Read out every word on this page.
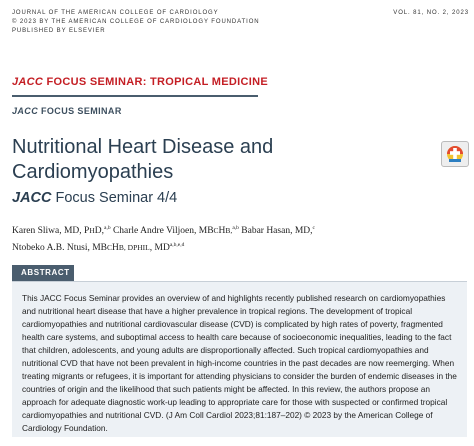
JOURNAL OF THE AMERICAN COLLEGE OF CARDIOLOGY
© 2023 BY THE AMERICAN COLLEGE OF CARDIOLOGY FOUNDATION
PUBLISHED BY ELSEVIER
VOL. 81, NO. 2, 2023
JACC FOCUS SEMINAR: TROPICAL MEDICINE
JACC FOCUS SEMINAR
Nutritional Heart Disease and Cardiomyopathies
JACC Focus Seminar 4/4
Karen Sliwa, MD, PHD,$^{a,b}$ Charle Andre Viljoen, MBCHB,$^{a,b}$ Babar Hasan, MD,$^c$
Ntobeko A.B. Ntusi, MBCHB, DPHIL, MD$^{a,b,e,d}$
ABSTRACT

This JACC Focus Seminar provides an overview of and highlights recently published research on cardiomyopathies and nutritional heart disease that have a higher prevalence in tropical regions. The development of tropical cardiomyopathies and nutritional cardiovascular disease (CVD) is complicated by high rates of poverty, fragmented health care systems, and suboptimal access to health care because of socioeconomic inequalities, leading to the fact that children, adolescents, and young adults are disproportionally affected. Such tropical cardiomyopathies and nutritional CVD that have not been prevalent in high-income countries in the past decades are now reemerging. When treating migrants or refugees, it is important for attending physicians to consider the burden of endemic diseases in the countries of origin and the likelihood that such patients might be affected. In this review, the authors propose an approach for adequate diagnostic work-up leading to appropriate care for those with suspected or confirmed tropical cardiomyopathies and nutritional CVD. (J Am Coll Cardiol 2023;81:187–202) © 2023 by the American College of Cardiology Foundation.
